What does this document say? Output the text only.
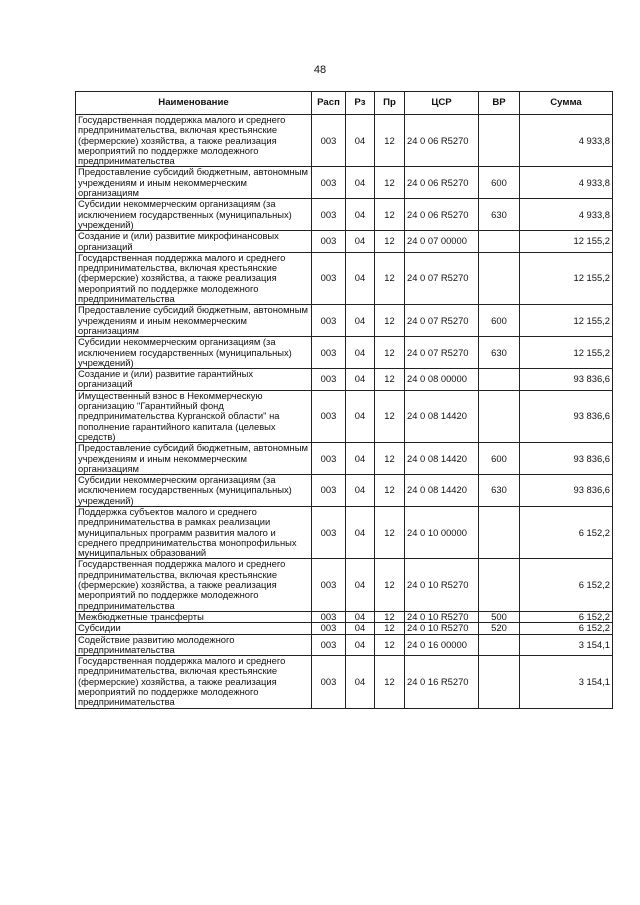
48
Наименование	Расп	Рз	Пр	ЦСР	ВР	Сумма
Государственная поддержка малого и среднего предпринимательства, включая крестьянские (фермерские) хозяйства, а также реализация мероприятий по поддержке молодежного предпринимательства	003	04	12	24 0 06 R5270		4 933,8
Предоставление субсидий бюджетным, автономным учреждениям и иным некоммерческим организациям	003	04	12	24 0 06 R5270	600	4 933,8
Субсидии некоммерческим организациям (за исключением государственных (муниципальных) учреждений)	003	04	12	24 0 06 R5270	630	4 933,8
Создание и (или) развитие микрофинансовых организаций	003	04	12	24 0 07 00000		12 155,2
Государственная поддержка малого и среднего предпринимательства, включая крестьянские (фермерские) хозяйства, а также реализация мероприятий по поддержке молодежного предпринимательства	003	04	12	24 0 07 R5270		12 155,2
Предоставление субсидий бюджетным, автономным учреждениям и иным некоммерческим организациям	003	04	12	24 0 07 R5270	600	12 155,2
Субсидии некоммерческим организациям (за исключением государственных (муниципальных) учреждений)	003	04	12	24 0 07 R5270	630	12 155,2
Создание и (или) развитие гарантийных организаций	003	04	12	24 0 08 00000		93 836,6
Имущественный взнос в Некоммерческую организацию "Гарантийный фонд предпринимательства Курганской области" на пополнение гарантийного капитала (целевых средств)	003	04	12	24 0 08 14420		93 836,6
Предоставление субсидий бюджетным, автономным учреждениям и иным некоммерческим организациям	003	04	12	24 0 08 14420	600	93 836,6
Субсидии некоммерческим организациям (за исключением государственных (муниципальных) учреждений)	003	04	12	24 0 08 14420	630	93 836,6
Поддержка субъектов малого и среднего предпринимательства в рамках реализации муниципальных программ развития малого и среднего предпринимательства монопрофильных муниципальных образований	003	04	12	24 0 10 00000		6 152,2
Государственная поддержка малого и среднего предпринимательства, включая крестьянские (фермерские) хозяйства, а также реализация мероприятий по поддержке молодежного предпринимательства	003	04	12	24 0 10 R5270		6 152,2
Межбюджетные трансферты	003	04	12	24 0 10 R5270	500	6 152,2
Субсидии	003	04	12	24 0 10 R5270	520	6 152,2
Содействие развитию молодежного предпринимательства	003	04	12	24 0 16 00000		3 154,1
Государственная поддержка малого и среднего предпринимательства, включая крестьянские (фермерские) хозяйства, а также реализация мероприятий по поддержке молодежного предпринимательства	003	04	12	24 0 16 R5270		3 154,1
